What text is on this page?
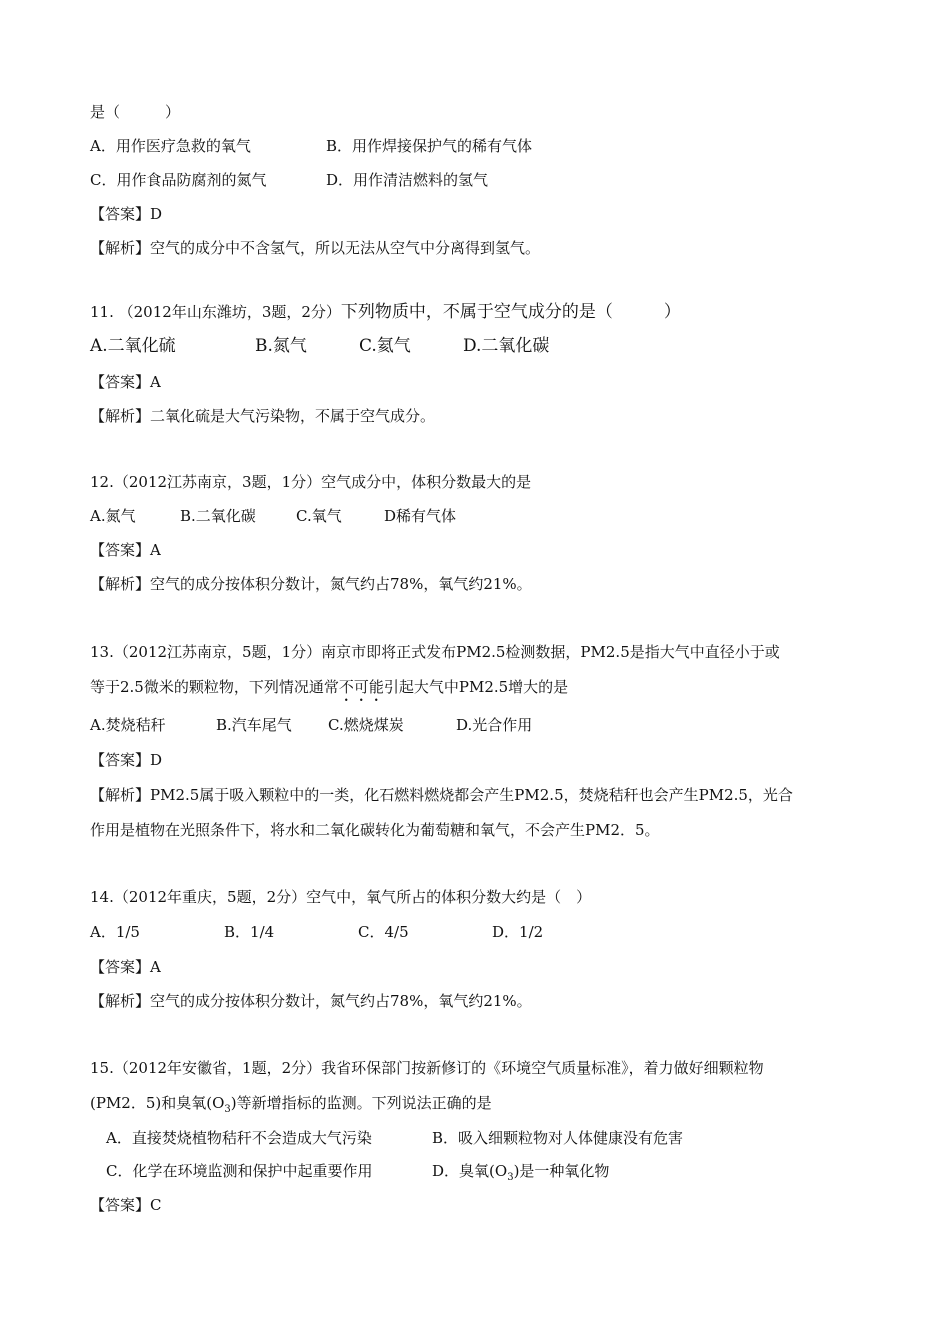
是（　　　）
A．用作医疗急救的氧气	B．用作焊接保护气的稀有气体
C．用作食品防腐剂的氮气	D．用作清洁燃料的氢气
【答案】D
【解析】空气的成分中不含氢气，所以无法从空气中分离得到氢气。
11. （2012年山东潍坊，3题，2分）下列物质中，不属于空气成分的是（　　　）
A.二氧化硫	B.氮气	C.氦气	D.二氧化碳
【答案】A
【解析】二氧化硫是大气污染物，不属于空气成分。
12.（2012江苏南京，3题，1分）空气成分中，体积分数最大的是
A.氮气	B.二氧化碳	C.氧气	D稀有气体
【答案】A
【解析】空气的成分按体积分数计，氮气约占78%，氧气约21%。
13.（2012江苏南京，5题，1分）南京市即将正式发布PM2.5检测数据，PM2.5是指大气中直径小于或
等于2.5微米的颗粒物，下列情况通常不可能引起大气中PM2.5增大的是
A.焚烧秸秆	B.汽车尾气 C.燃烧煤炭	D.光合作用
【答案】D
【解析】PM2.5属于吸入颗粒中的一类，化石燃料燃烧都会产生PM2.5，焚烧秸秆也会产生PM2.5，光合
作用是植物在光照条件下，将水和二氧化碳转化为葡萄糖和氧气，不会产生PM2．5。
14.（2012年重庆，5题，2分）空气中，氧气所占的体积分数大约是（　）
A．1/5	B．1/4	C．4/5	D．1/2
【答案】A
【解析】空气的成分按体积分数计，氮气约占78%，氧气约21%。
15.（2012年安徽省，1题，2分）我省环保部门按新修订的《环境空气质量标准》，着力做好细颗粒物
(PM2．5)和臭氧$(O_3)$等新增指标的监测。下列说法正确的是
A．直接焚烧植物秸秆不会造成大气污染	B．吸入细颗粒物对人体健康没有危害
C．化学在环境监测和保护中起重要作用	D．臭氧$(O_3)$是一种氧化物
【答案】C
